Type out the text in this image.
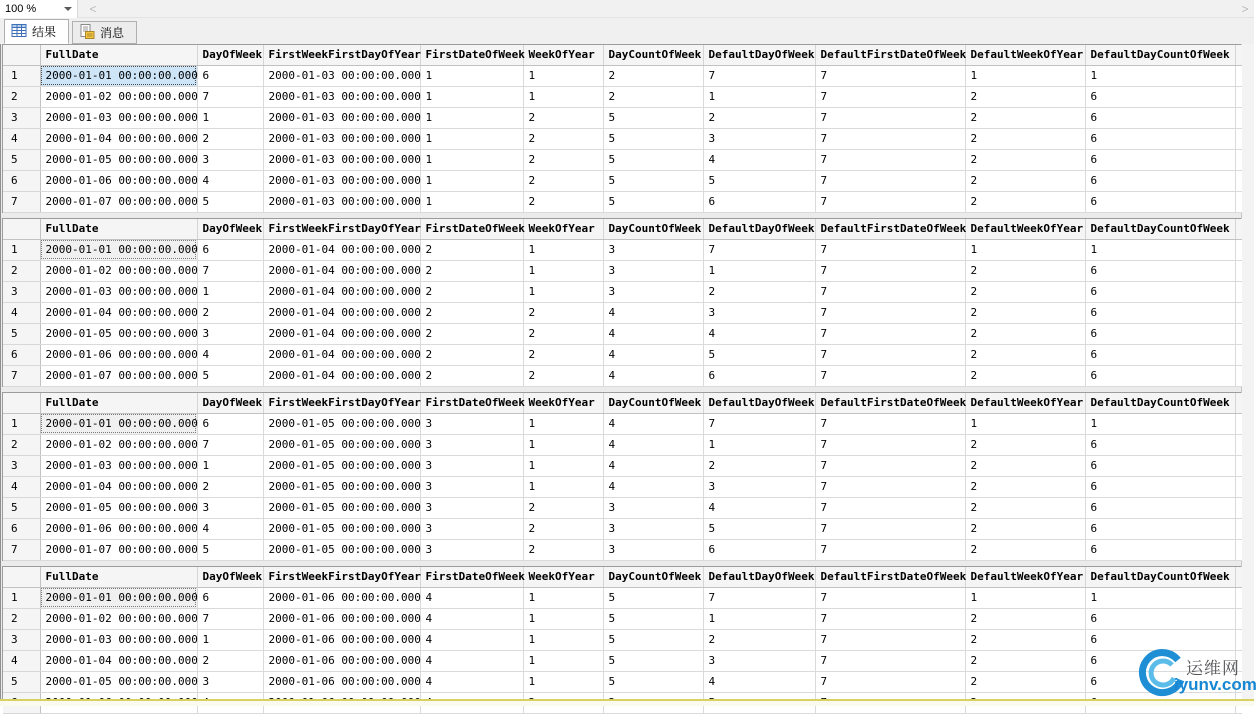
100 %	<	>
结果	消息
	FullDate	DayOfWeek	FirstWeekFirstDayOfYear	FirstDateOfWeek	WeekOfYear	DayCountOfWeek	DefaultDayOfWeek	DefaultFirstDateOfWeek	DefaultWeekOfYear	DefaultDayCountOfWeek	
1	2000-01-01 00:00:00.000	6	2000-01-03 00:00:00.000	1	1	2	7	7	1	1	
2	2000-01-02 00:00:00.000	7	2000-01-03 00:00:00.000	1	1	2	1	7	2	6	
3	2000-01-03 00:00:00.000	1	2000-01-03 00:00:00.000	1	2	5	2	7	2	6	
4	2000-01-04 00:00:00.000	2	2000-01-03 00:00:00.000	1	2	5	3	7	2	6	
5	2000-01-05 00:00:00.000	3	2000-01-03 00:00:00.000	1	2	5	4	7	2	6	
6	2000-01-06 00:00:00.000	4	2000-01-03 00:00:00.000	1	2	5	5	7	2	6	
7	2000-01-07 00:00:00.000	5	2000-01-03 00:00:00.000	1	2	5	6	7	2	6	
	FullDate	DayOfWeek	FirstWeekFirstDayOfYear	FirstDateOfWeek	WeekOfYear	DayCountOfWeek	DefaultDayOfWeek	DefaultFirstDateOfWeek	DefaultWeekOfYear	DefaultDayCountOfWeek	
1	2000-01-01 00:00:00.000	6	2000-01-04 00:00:00.000	2	1	3	7	7	1	1	
2	2000-01-02 00:00:00.000	7	2000-01-04 00:00:00.000	2	1	3	1	7	2	6	
3	2000-01-03 00:00:00.000	1	2000-01-04 00:00:00.000	2	1	3	2	7	2	6	
4	2000-01-04 00:00:00.000	2	2000-01-04 00:00:00.000	2	2	4	3	7	2	6	
5	2000-01-05 00:00:00.000	3	2000-01-04 00:00:00.000	2	2	4	4	7	2	6	
6	2000-01-06 00:00:00.000	4	2000-01-04 00:00:00.000	2	2	4	5	7	2	6	
7	2000-01-07 00:00:00.000	5	2000-01-04 00:00:00.000	2	2	4	6	7	2	6	
	FullDate	DayOfWeek	FirstWeekFirstDayOfYear	FirstDateOfWeek	WeekOfYear	DayCountOfWeek	DefaultDayOfWeek	DefaultFirstDateOfWeek	DefaultWeekOfYear	DefaultDayCountOfWeek	
1	2000-01-01 00:00:00.000	6	2000-01-05 00:00:00.000	3	1	4	7	7	1	1	
2	2000-01-02 00:00:00.000	7	2000-01-05 00:00:00.000	3	1	4	1	7	2	6	
3	2000-01-03 00:00:00.000	1	2000-01-05 00:00:00.000	3	1	4	2	7	2	6	
4	2000-01-04 00:00:00.000	2	2000-01-05 00:00:00.000	3	1	4	3	7	2	6	
5	2000-01-05 00:00:00.000	3	2000-01-05 00:00:00.000	3	2	3	4	7	2	6	
6	2000-01-06 00:00:00.000	4	2000-01-05 00:00:00.000	3	2	3	5	7	2	6	
7	2000-01-07 00:00:00.000	5	2000-01-05 00:00:00.000	3	2	3	6	7	2	6	
	FullDate	DayOfWeek	FirstWeekFirstDayOfYear	FirstDateOfWeek	WeekOfYear	DayCountOfWeek	DefaultDayOfWeek	DefaultFirstDateOfWeek	DefaultWeekOfYear	DefaultDayCountOfWeek	
1	2000-01-01 00:00:00.000	6	2000-01-06 00:00:00.000	4	1	5	7	7	1	1	
2	2000-01-02 00:00:00.000	7	2000-01-06 00:00:00.000	4	1	5	1	7	2	6	
3	2000-01-03 00:00:00.000	1	2000-01-06 00:00:00.000	4	1	5	2	7	2	6	
4	2000-01-04 00:00:00.000	2	2000-01-06 00:00:00.000	4	1	5	3	7	2	6	
5	2000-01-05 00:00:00.000	3	2000-01-06 00:00:00.000	4	1	5	4	7	2	6	

运维网
iyunv.com
